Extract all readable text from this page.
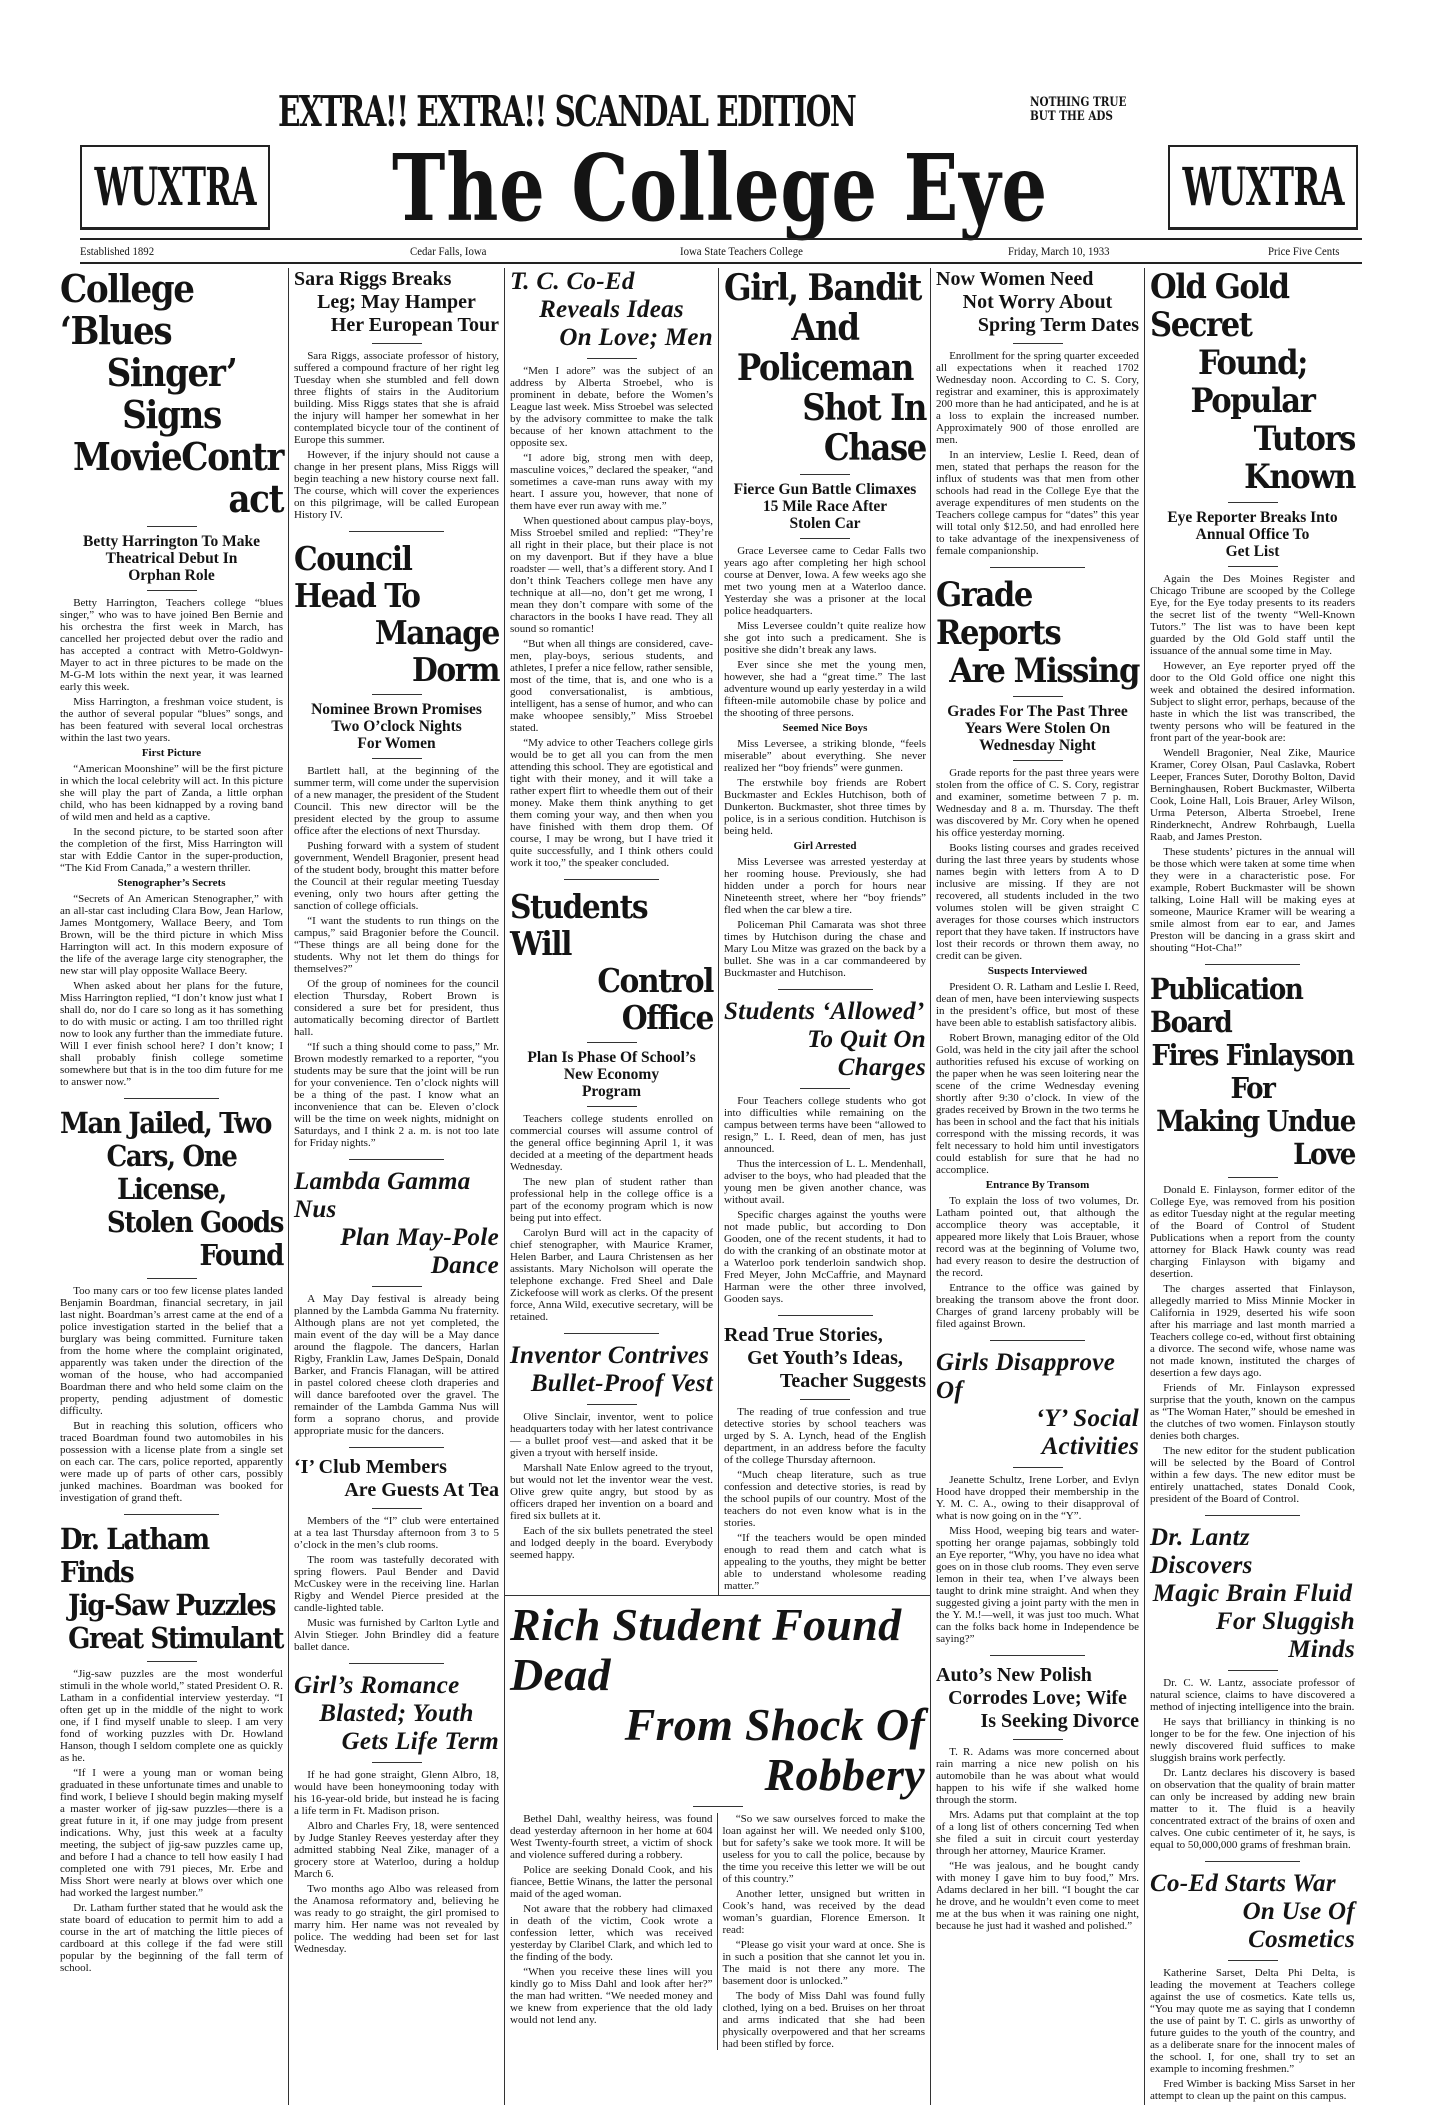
EXTRA!! EXTRA!! SCANDAL EDITION	NOTHING TRUE
BUT THE ADS
WUXTRA The College Eye	WUXTRA
Established 1892	Cedar Falls, Iowa	Iowa State Teachers College	Friday, March 10, 1933	Price Five Cents
College ‘Blues
Singer’ Signs
MovieContract
Betty Harrington To Make
Theatrical Debut In
Orphan Role

Betty Harrington, Teachers college “blues singer,” who was to have joined Ben Bernie and his orchestra the first week in March, has cancelled her projected debut over the radio and has accepted a contract with Metro-Goldwyn-Mayer to act in three pictures to be made on the M-G-M lots within the next year, it was learned early this week.

Miss Harrington, a freshman voice student, is the author of several popular “blues” songs, and has been featured with several local orchestras within the last two years.

First Picture

“American Moonshine” will be the first picture in which the local celebrity will act. In this picture she will play the part of Zanda, a little orphan child, who has been kidnapped by a roving band of wild men and held as a captive.

In the second picture, to be started soon after the completion of the first, Miss Harrington will star with Eddie Cantor in the super-production, “The Kid From Canada,” a western thriller.

Stenographer’s Secrets

“Secrets of An American Stenographer,” with an all-star cast including Clara Bow, Jean Harlow, James Montgomery, Wallace Beery, and Tom Brown, will be the third picture in which Miss Harrington will act. In this modern exposure of the life of the average large city stenographer, the new star will play opposite Wallace Beery.

When asked about her plans for the future, Miss Harrington replied, “I don’t know just what I shall do, nor do I care so long as it has something to do with music or acting. I am too thrilled right now to look any further than the immediate future. Will I ever finish school here? I don’t know; I shall probably finish college sometime somewhere but that is in the too dim future for me to answer now.”

Man Jailed, Two
Cars, One License,
Stolen Goods Found

Too many cars or too few license plates landed Benjamin Boardman, financial secretary, in jail last night. Boardman’s arrest came at the end of a police investigation started in the belief that a burglary was being committed. Furniture taken from the home where the complaint originated, apparently was taken under the direction of the woman of the house, who had accompanied Boardman there and who held some claim on the property, pending adjustment of domestic difficulty.

But in reaching this solution, officers who traced Boardman found two automobiles in his possession with a license plate from a single set on each car. The cars, police reported, apparently were made up of parts of other cars, possibly junked machines. Boardman was booked for investigation of grand theft.

Dr. Latham Finds
Jig-Saw Puzzles
Great Stimulant

“Jig-saw puzzles are the most wonderful stimuli in the whole world,” stated President O. R. Latham in a confidential interview yesterday. “I often get up in the middle of the night to work one, if I find myself unable to sleep. I am very fond of working puzzles with Dr. Howland Hanson, though I seldom complete one as quickly as he.

“If I were a young man or woman being graduated in these unfortunate times and unable to find work, I believe I should begin making myself a master worker of jig-saw puzzles—there is a great future in it, if one may judge from present indications. Why, just this week at a faculty meeting, the subject of jig-saw puzzles came up, and before I had a chance to tell how easily I had completed one with 791 pieces, Mr. Erbe and Miss Short were nearly at blows over which one had worked the largest number.”

Dr. Latham further stated that he would ask the state board of education to permit him to add a course in the art of matching the little pieces of cardboard at this college if the fad were still popular by the beginning of the fall term of school.

Sara Riggs Breaks
Leg; May Hamper
Her European Tour

Sara Riggs, associate professor of history, suffered a compound fracture of her right leg Tuesday when she stumbled and fell down three flights of stairs in the Auditorium building. Miss Riggs states that she is afraid the injury will hamper her somewhat in her contemplated bicycle tour of the continent of Europe this summer.

However, if the injury should not cause a change in her present plans, Miss Riggs will begin teaching a new history course next fall. The course, which will cover the experiences on this pilgrimage, will be called European History IV.

Council Head To
Manage Dorm
Nominee Brown Promises
Two O’clock Nights
For Women

Bartlett hall, at the beginning of the summer term, will come under the supervision of a new manager, the president of the Student Council. This new director will be the president elected by the group to assume office after the elections of next Thursday.

Pushing forward with a system of student government, Wendell Bragonier, present head of the student body, brought this matter before the Council at their regular meeting Tuesday evening, only two hours after getting the sanction of college officials.

“I want the students to run things on the campus,” said Bragonier before the Council. “These things are all being done for the students. Why not let them do things for themselves?”

Of the group of nominees for the council election Thursday, Robert Brown is considered a sure bet for president, thus automatically becoming director of Bartlett hall.

“If such a thing should come to pass,” Mr. Brown modestly remarked to a reporter, “you students may be sure that the joint will be run for your convenience. Ten o’clock nights will be a thing of the past. I know what an inconvenience that can be. Eleven o’clock will be the time on week nights, midnight on Saturdays, and I think 2 a. m. is not too late for Friday nights.”

Lambda Gamma Nus
Plan May-Pole Dance

A May Day festival is already being planned by the Lambda Gamma Nu fraternity. Although plans are not yet completed, the main event of the day will be a May dance around the flagpole. The dancers, Harlan Rigby, Franklin Law, James DeSpain, Donald Barker, and Francis Flanagan, will be attired in pastel colored cheese cloth draperies and will dance barefooted over the gravel. The remainder of the Lambda Gamma Nus will form a soprano chorus, and provide appropriate music for the dancers.

‘I’ Club Members
Are Guests At Tea

Members of the “I” club were entertained at a tea last Thursday afternoon from 3 to 5 o’clock in the men’s club rooms.

The room was tastefully decorated with spring flowers. Paul Bender and David McCuskey were in the receiving line. Harlan Rigby and Wendel Pierce presided at the candle-lighted table.

Music was furnished by Carlton Lytle and Alvin Stieger. John Brindley did a feature ballet dance.

Girl’s Romance
Blasted; Youth
Gets Life Term

If he had gone straight, Glenn Albro, 18, would have been honeymooning today with his 16-year-old bride, but instead he is facing a life term in Ft. Madison prison.

Albro and Charles Fry, 18, were sentenced by Judge Stanley Reeves yesterday after they admitted stabbing Neal Zike, manager of a grocery store at Waterloo, during a holdup March 6.

Two months ago Albo was released from the Anamosa reformatory and, believing he was ready to go straight, the girl promised to marry him. Her name was not revealed by police. The wedding had been set for last Wednesday.

T. C. Co-Ed
Reveals Ideas
On Love; Men

“Men I adore” was the subject of an address by Alberta Stroebel, who is prominent in debate, before the Women’s League last week. Miss Stroebel was selected by the advisory committee to make the talk because of her known attachment to the opposite sex.

“I adore big, strong men with deep, masculine voices,” declared the speaker, “and sometimes a cave-man runs away with my heart. I assure you, however, that none of them have ever run away with me.”

When questioned about campus play-boys, Miss Stroebel smiled and replied: “They’re all right in their place, but their place is not on my davenport. But if they have a blue roadster — well, that’s a different story. And I don’t think Teachers college men have any technique at all—no, don’t get me wrong, I mean they don’t compare with some of the charactors in the books I have read. They all sound so romantic!

“But when all things are considered, cave-men, play-boys, serious students, and athletes, I prefer a nice fellow, rather sensible, most of the time, that is, and one who is a good conversationalist, is ambtious, intelligent, has a sense of humor, and who can make whoopee sensibly,” Miss Stroebel stated.

“My advice to other Teachers college girls would be to get all you can from the men attending this school. They are egotistical and tight with their money, and it will take a rather expert flirt to wheedle them out of their money. Make them think anything to get them coming your way, and then when you have finished with them drop them. Of course, I may be wrong, but I have tried it quite successfully, and I think others could work it too,” the speaker concluded.

Students Will
Control Office
Plan Is Phase Of School’s
New Economy
Program

Teachers college students enrolled on commercial courses will assume control of the general office beginning April 1, it was decided at a meeting of the department heads Wednesday.

The new plan of student rather than professional help in the college office is a part of the economy program which is now being put into effect.

Carolyn Burd will act in the capacity of chief stenographer, with Maurice Kramer, Helen Barber, and Laura Christensen as her assistants. Mary Nicholson will operate the telephone exchange. Fred Sheel and Dale Zickefoose will work as clerks. Of the present force, Anna Wild, executive secretary, will be retained.

Inventor Contrives
Bullet-Proof Vest

Olive Sinclair, inventor, went to police headquarters today with her latest contrivance — a bullet proof vest—and asked that it be given a tryout with herself inside.

Marshall Nate Enlow agreed to the tryout, but would not let the inventor wear the vest. Olive grew quite angry, but stood by as officers draped her invention on a board and fired six bullets at it.

Each of the six bullets penetrated the steel and lodged deeply in the board. Everybody seemed happy.

Girl, Bandit
And Policeman
Shot In Chase
Fierce Gun Battle Climaxes
15 Mile Race After
Stolen Car

Grace Leversee came to Cedar Falls two years ago after completing her high school course at Denver, Iowa. A few weeks ago she met two young men at a Waterloo dance. Yesterday she was a prisoner at the local police headquarters.

Miss Leversee couldn’t quite realize how she got into such a predicament. She is positive she didn’t break any laws.

Ever since she met the young men, however, she had a “great time.” The last adventure wound up early yesterday in a wild fifteen-mile automobile chase by police and the shooting of three persons.

Seemed Nice Boys

Miss Leversee, a striking blonde, “feels miserable” about everything. She never realized her “boy friends” were gunmen.

The erstwhile boy friends are Robert Buckmaster and Eckles Hutchison, both of Dunkerton. Buckmaster, shot three times by police, is in a serious condition. Hutchison is being held.

Girl Arrested

Miss Leversee was arrested yesterday at her rooming house. Previously, she had hidden under a porch for hours near Nineteenth street, where her “boy friends” fled when the car blew a tire.

Policeman Phil Camarata was shot three times by Hutchison during the chase and Mary Lou Mitze was grazed on the back by a bullet. She was in a car commandeered by Buckmaster and Hutchison.

Students ‘Allowed’
To Quit On Charges

Four Teachers college students who got into difficulties while remaining on the campus between terms have been “allowed to resign,” L. I. Reed, dean of men, has just announced.

Thus the intercession of L. L. Mendenhall, adviser to the boys, who had pleaded that the young men be given another chance, was without avail.

Specific charges against the youths were not made public, but according to Don Gooden, one of the recent students, it had to do with the cranking of an obstinate motor at a Waterloo pork tenderloin sandwich shop. Fred Meyer, John McCaffrie, and Maynard Harman were the other three involved, Gooden says.

Read True Stories,
Get Youth’s Ideas,
Teacher Suggests

The reading of true confession and true detective stories by school teachers was urged by S. A. Lynch, head of the English department, in an address before the faculty of the college Thursday afternoon.

“Much cheap literature, such as true confession and detective stories, is read by the school pupils of our country. Most of the teachers do not even know what is in the stories.

“If the teachers would be open minded enough to read them and catch what is appealing to the youths, they might be better able to understand wholesome reading matter.”

Rich Student Found Dead
From Shock Of Robbery

Bethel Dahl, wealthy heiress, was found dead yesterday afternoon in her home at 604 West Twenty-fourth street, a victim of shock and violence suffered during a robbery.

Police are seeking Donald Cook, and his fiancee, Bettie Winans, the latter the personal maid of the aged woman.

Not aware that the robbery had climaxed in death of the victim, Cook wrote a confession letter, which was received yesterday by Claribel Clark, and which led to the finding of the body.

“When you receive these lines will you kindly go to Miss Dahl and look after her?” the man had written. “We needed money and we knew from experience that the old lady would not lend any.

“So we saw ourselves forced to make the loan against her will. We needed only $100, but for safety’s sake we took more. It will be useless for you to call the police, because by the time you receive this letter we will be out of this country.”

Another letter, unsigned but written in Cook’s hand, was received by the dead woman’s guardian, Florence Emerson. It read:

“Please go visit your ward at once. She is in such a position that she cannot let you in. The maid is not there any more. The basement door is unlocked.”

The body of Miss Dahl was found fully clothed, lying on a bed. Bruises on her throat and arms indicated that she had been physically overpowered and that her screams had been stifled by force.

Now Women Need
Not Worry About
Spring Term Dates

Enrollment for the spring quarter exceeded all expectations when it reached 1702 Wednesday noon. According to C. S. Cory, registrar and examiner, this is approximately 200 more than he had anticipated, and he is at a loss to explain the increased number. Approximately 900 of those enrolled are men.

In an interview, Leslie I. Reed, dean of men, stated that perhaps the reason for the influx of students was that men from other schools had read in the College Eye that the average expenditures of men students on the Teachers college campus for “dates” this year will total only $12.50, and had enrolled here to take advantage of the inexpensiveness of female companionship.

Grade Reports
Are Missing
Grades For The Past Three
Years Were Stolen On
Wednesday Night

Grade reports for the past three years were stolen from the office of C. S. Cory, registrar and examiner, sometime between 7 p. m. Wednesday and 8 a. m. Thursday. The theft was discovered by Mr. Cory when he opened his office yesterday morning.

Books listing courses and grades received during the last three years by students whose names begin with letters from A to D inclusive are missing. If they are not recovered, all students included in the two volumes stolen will be given straight C averages for those courses which instructors report that they have taken. If instructors have lost their records or thrown them away, no credit can be given.

Suspects Interviewed

President O. R. Latham and Leslie I. Reed, dean of men, have been interviewing suspects in the president’s office, but most of these have been able to establish satisfactory alibis.

Robert Brown, managing editor of the Old Gold, was held in the city jail after the school authorities refused his excuse of working on the paper when he was seen loitering near the scene of the crime Wednesday evening shortly after 9:30 o’clock. In view of the grades received by Brown in the two terms he has been in school and the fact that his initials correspond with the missing records, it was felt necessary to hold him until investigators could establish for sure that he had no accomplice.

Entrance By Transom

To explain the loss of two volumes, Dr. Latham pointed out, that although the accomplice theory was acceptable, it appeared more likely that Lois Brauer, whose record was at the beginning of Volume two, had every reason to desire the destruction of the record.

Entrance to the office was gained by breaking the transom above the front door. Charges of grand larceny probably will be filed against Brown.

Girls Disapprove Of
‘Y’ Social Activities

Jeanette Schultz, Irene Lorber, and Evlyn Hood have dropped their membership in the Y. M. C. A., owing to their disapproval of what is now going on in the “Y”.

Miss Hood, weeping big tears and water-spotting her orange pajamas, sobbingly told an Eye reporter, “Why, you have no idea what goes on in those club rooms. They even serve lemon in their tea, when I’ve always been taught to drink mine straight. And when they suggested giving a joint party with the men in the Y. M.!—well, it was just too much. What can the folks back home in Independence be saying?”

Auto’s New Polish
Corrodes Love; Wife
Is Seeking Divorce

T. R. Adams was more concerned about rain marring a nice new polish on his automobile than he was about what would happen to his wife if she walked home through the storm.

Mrs. Adams put that complaint at the top of a long list of others concerning Ted when she filed a suit in circuit court yesterday through her attorney, Maurice Kramer.

“He was jealous, and he bought candy with money I gave him to buy food,” Mrs. Adams declared in her bill. “I bought the car he drove, and he wouldn’t even come to meet me at the bus when it was raining one night, because he just had it washed and polished.”

Old Gold Secret
Found; Popular
Tutors Known
Eye Reporter Breaks Into
Annual Office To
Get List

Again the Des Moines Register and Chicago Tribune are scooped by the College Eye, for the Eye today presents to its readers the secret list of the twenty “Well-Known Tutors.” The list was to have been kept guarded by the Old Gold staff until the issuance of the annual some time in May.

However, an Eye reporter pryed off the door to the Old Gold office one night this week and obtained the desired information. Subject to slight error, perhaps, because of the haste in which the list was transcribed, the twenty persons who will be featured in the front part of the year-book are:

Wendell Bragonier, Neal Zike, Maurice Kramer, Corey Olsan, Paul Caslavka, Robert Leeper, Frances Suter, Dorothy Bolton, David Berninghausen, Robert Buckmaster, Wilberta Cook, Loine Hall, Lois Brauer, Arley Wilson, Urma Peterson, Alberta Stroebel, Irene Rinderknecht, Andrew Rohrbaugh, Luella Raab, and James Preston.

These students’ pictures in the annual will be those which were taken at some time when they were in a characteristic pose. For example, Robert Buckmaster will be shown talking, Loine Hall will be making eyes at someone, Maurice Kramer will be wearing a smile almost from ear to ear, and James Preston will be dancing in a grass skirt and shouting “Hot-Cha!”

Publication Board
Fires Finlayson For
Making Undue Love

Donald E. Finlayson, former editor of the College Eye, was removed from his position as editor Tuesday night at the regular meeting of the Board of Control of Student Publications when a report from the county attorney for Black Hawk county was read charging Finlayson with bigamy and desertion.

The charges asserted that Finlayson, allegedly married to Miss Minnie Mocker in California in 1929, deserted his wife soon after his marriage and last month married a Teachers college co-ed, without first obtaining a divorce. The second wife, whose name was not made known, instituted the charges of desertion a few days ago.

Friends of Mr. Finlayson expressed surprise that the youth, known on the campus as “The Woman Hater,” should be emeshed in the clutches of two women. Finlayson stoutly denies both charges.

The new editor for the student publication will be selected by the Board of Control within a few days. The new editor must be entirely unattached, states Donald Cook, president of the Board of Control.

Dr. Lantz Discovers
Magic Brain Fluid
For Sluggish Minds

Dr. C. W. Lantz, associate professor of natural science, claims to have discovered a method of injecting intelligence into the brain.

He says that brilliancy in thinking is no longer to be for the few. One injection of his newly discovered fluid suffices to make sluggish brains work perfectly.

Dr. Lantz declares his discovery is based on observation that the quality of brain matter can only be increased by adding new brain matter to it. The fluid is a heavily concentrated extract of the brains of oxen and calves. One cubic centimeter of it, he says, is equal to 50,000,000 grams of freshman brain.

Co-Ed Starts War
On Use Of Cosmetics

Katherine Sarset, Delta Phi Delta, is leading the movement at Teachers college against the use of cosmetics. Kate tells us, “You may quote me as saying that I condemn the use of paint by T. C. girls as unworthy of future guides to the youth of the country, and as a deliberate snare for the innocent males of the school. I, for one, shall try to set an example to incoming freshmen.”

Fred Wimber is backing Miss Sarset in her attempt to clean up the paint on this campus.
